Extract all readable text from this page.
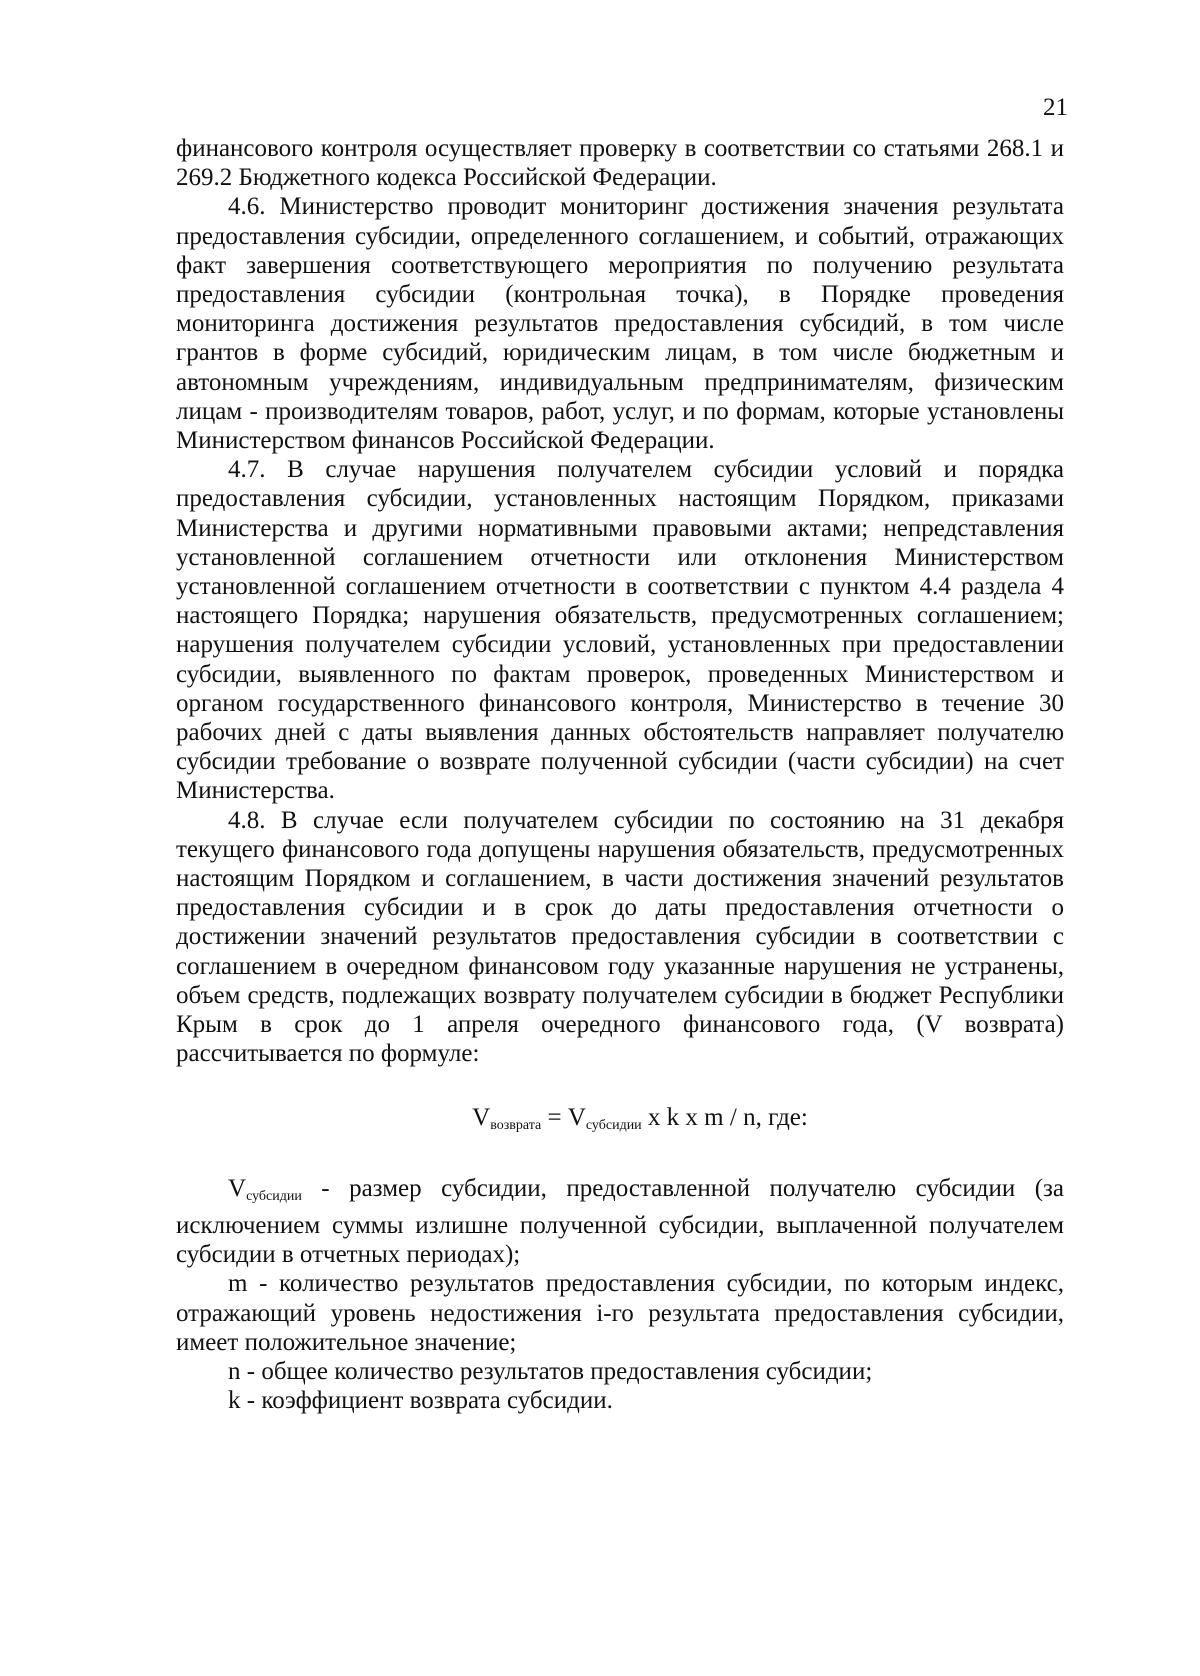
21

финансового контроля осуществляет проверку в соответствии со статьями 268.1 и 269.2 Бюджетного кодекса Российской Федерации.

4.6. Министерство проводит мониторинг достижения значения результата предоставления субсидии, определенного соглашением, и событий, отражающих факт завершения соответствующего мероприятия по получению результата предоставления субсидии (контрольная точка), в Порядке проведения мониторинга достижения результатов предоставления субсидий, в том числе грантов в форме субсидий, юридическим лицам, в том числе бюджетным и автономным учреждениям, индивидуальным предпринимателям, физическим лицам - производителям товаров, работ, услуг, и по формам, которые установлены Министерством финансов Российской Федерации.

4.7. В случае нарушения получателем субсидии условий и порядка предоставления субсидии, установленных настоящим Порядком, приказами Министерства и другими нормативными правовыми актами; непредставления установленной соглашением отчетности или отклонения Министерством установленной соглашением отчетности в соответствии с пунктом 4.4 раздела 4 настоящего Порядка; нарушения обязательств, предусмотренных соглашением; нарушения получателем субсидии условий, установленных при предоставлении субсидии, выявленного по фактам проверок, проведенных Министерством и органом государственного финансового контроля, Министерство в течение 30 рабочих дней с даты выявления данных обстоятельств направляет получателю субсидии требование о возврате полученной субсидии (части субсидии) на счет Министерства.

4.8. В случае если получателем субсидии по состоянию на 31 декабря текущего финансового года допущены нарушения обязательств, предусмотренных настоящим Порядком и соглашением, в части достижения значений результатов предоставления субсидии и в срок до даты предоставления отчетности о достижении значений результатов предоставления субсидии в соответствии с соглашением в очередном финансовом году указанные нарушения не устранены, объем средств, подлежащих возврату получателем субсидии в бюджет Республики Крым в срок до 1 апреля очередного финансового года, (V возврата) рассчитывается по формуле:

$V_{возврата} = V_{субсидии}$ x k x m / n, где:

$V_{субсидии}$ - размер субсидии, предоставленной получателю субсидии (за исключением суммы излишне полученной субсидии, выплаченной получателем субсидии в отчетных периодах);

m - количество результатов предоставления субсидии, по которым индекс, отражающий уровень недостижения i-го результата предоставления субсидии, имеет положительное значение;

n - общее количество результатов предоставления субсидии;

k - коэффициент возврата субсидии.
